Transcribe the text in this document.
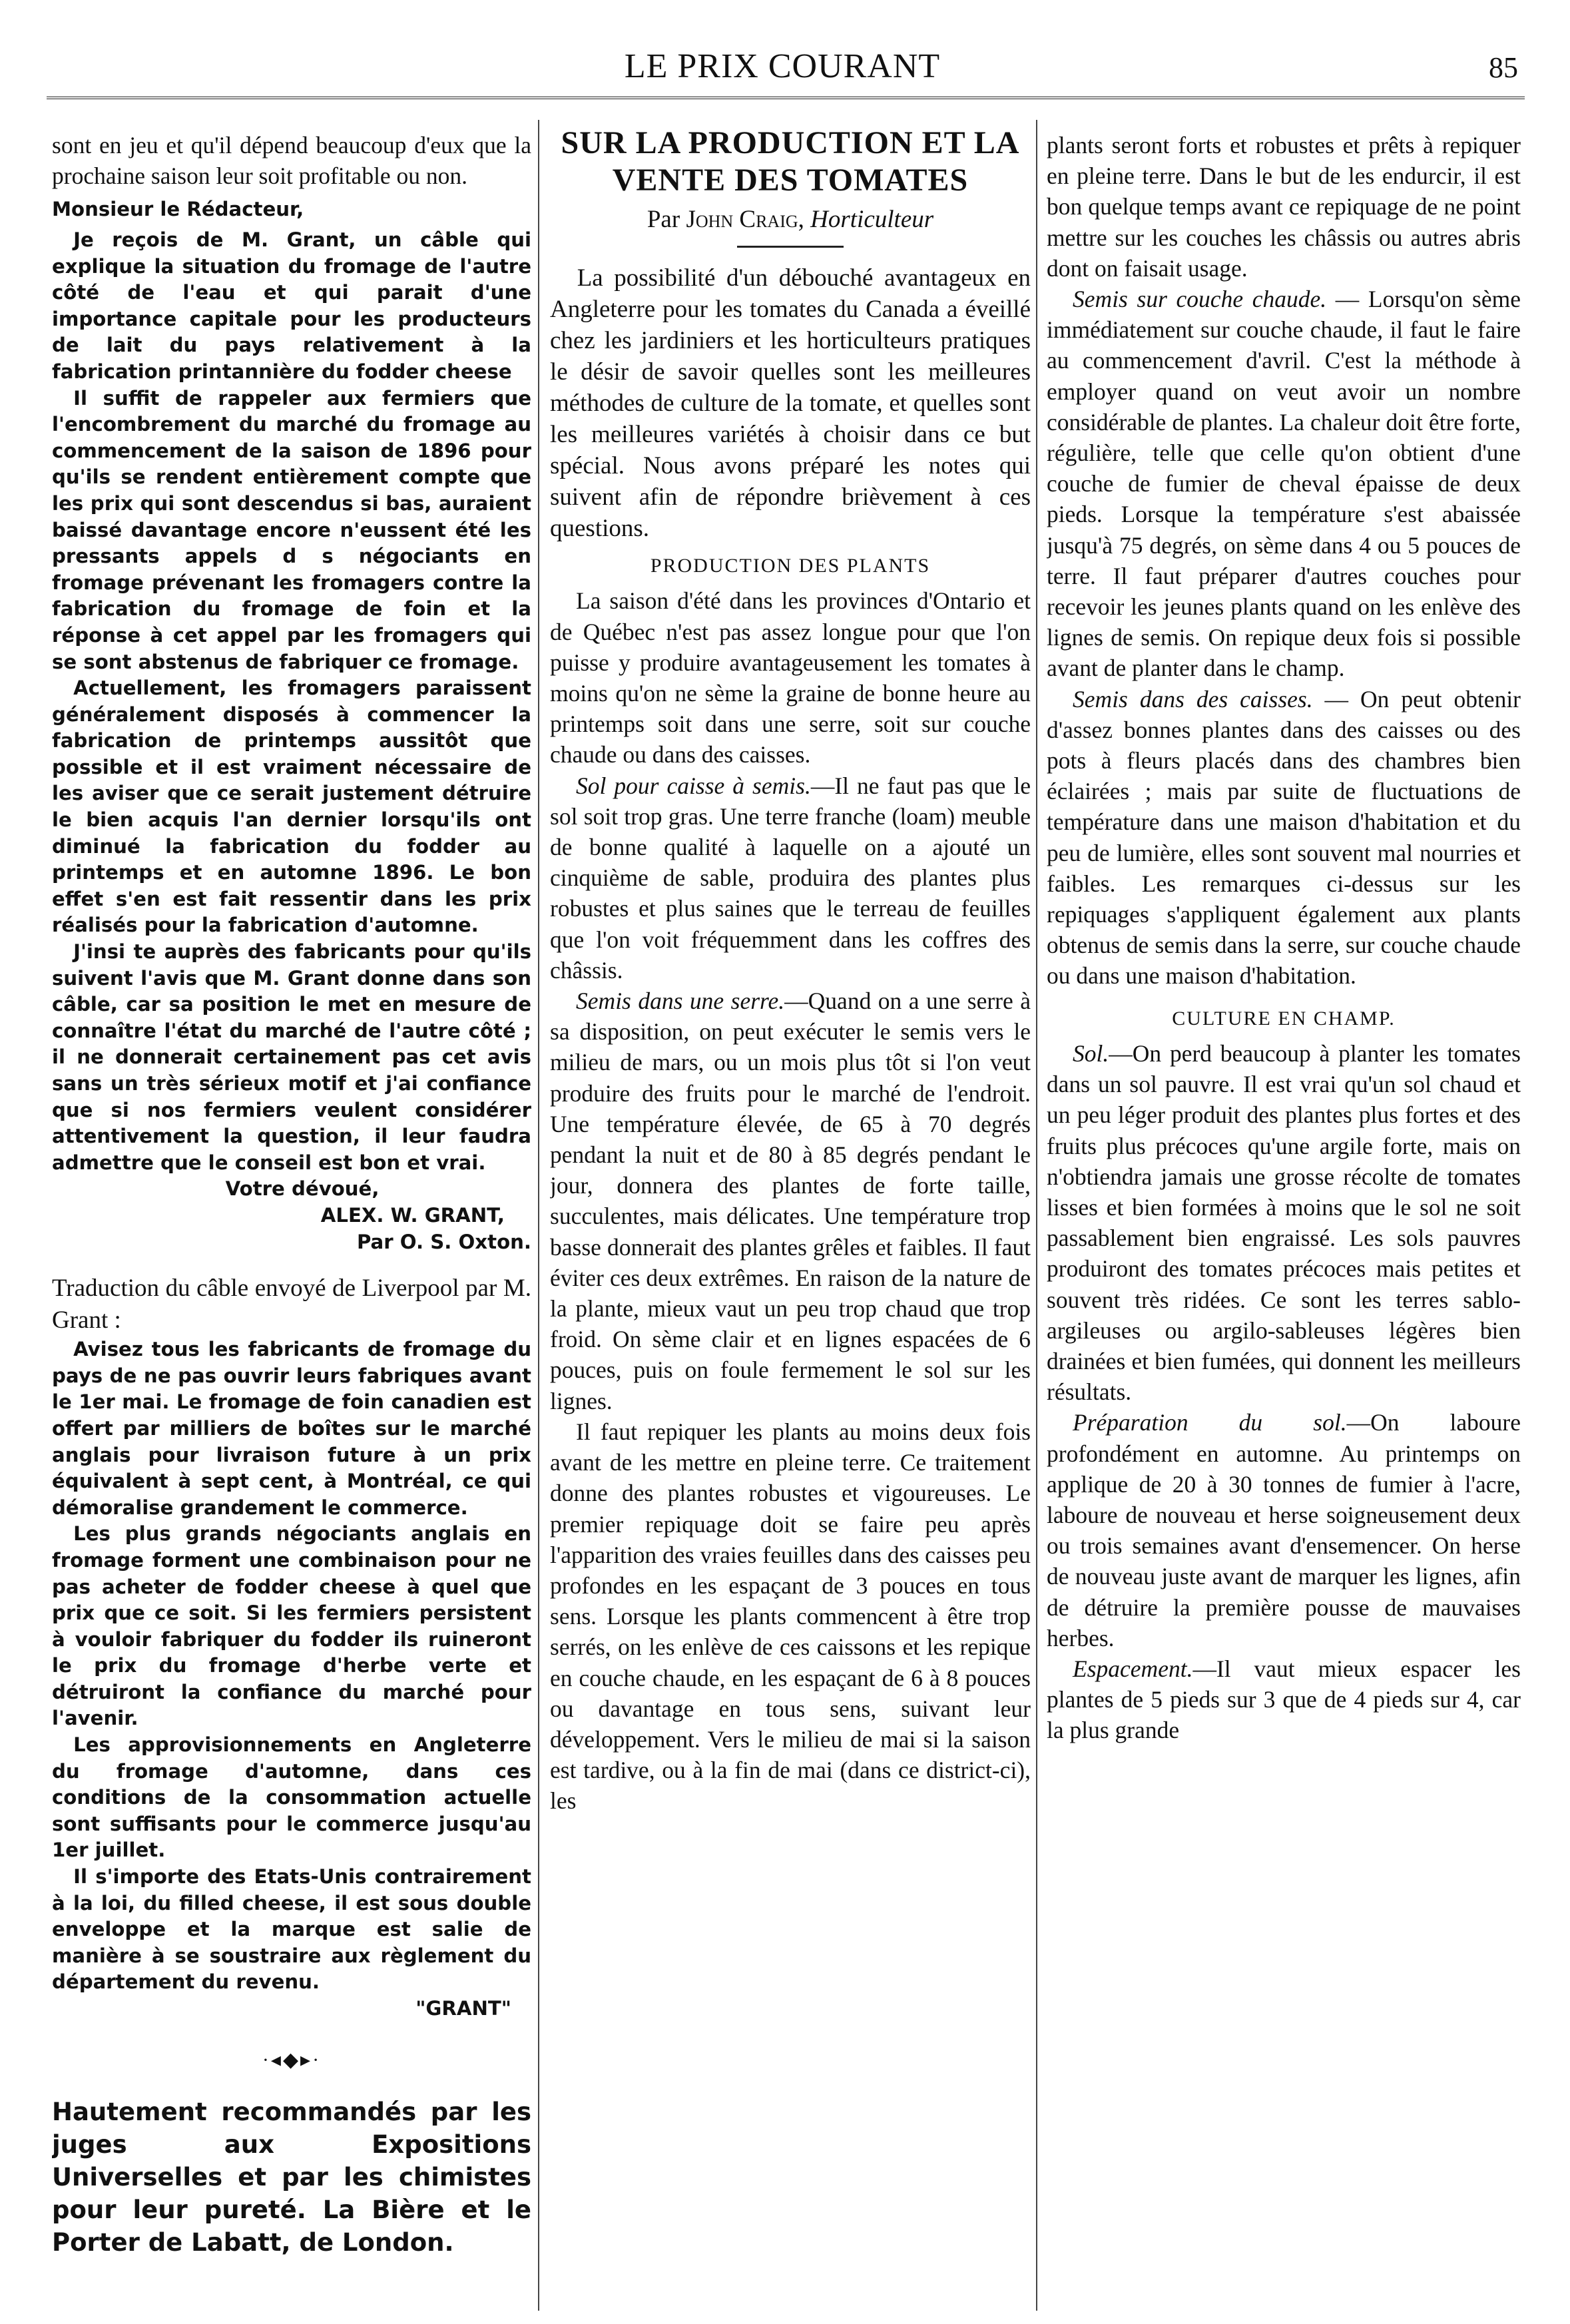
LE PRIX COURANT	85

sont en jeu et qu'il dépend beaucoup d'eux que la prochaine saison leur soit profitable ou non.

Monsieur le Rédacteur,

Je reçois de M. Grant, un câble qui explique la situation du fromage de l'autre côté de l'eau et qui parait d'une importance capitale pour les producteurs de lait du pays relativement à la fabrication printannière du fodder cheese

Il suffit de rappeler aux fermiers que l'encombrement du marché du fromage au commencement de la saison de 1896 pour qu'ils se rendent entièrement compte que les prix qui sont descendus si bas, auraient baissé davantage encore n'eussent été les pressants appels d s négociants en fromage prévenant les fromagers contre la fabrication du fromage de foin et la réponse à cet appel par les fromagers qui se sont abstenus de fabriquer ce fromage.

Actuellement, les fromagers paraissent généralement disposés à commencer la fabrication de printemps aussitôt que possible et il est vraiment nécessaire de les aviser que ce serait justement détruire le bien acquis l'an dernier lorsqu'ils ont diminué la fabrication du fodder au printemps et en automne 1896. Le bon effet s'en est fait ressentir dans les prix réalisés pour la fabrication d'automne.

J'insi te auprès des fabricants pour qu'ils suivent l'avis que M. Grant donne dans son câble, car sa position le met en mesure de connaître l'état du marché de l'autre côté ; il ne donnerait certainement pas cet avis sans un très sérieux motif et j'ai confiance que si nos fermiers veulent considérer attentivement la question, il leur faudra admettre que le conseil est bon et vrai.

Votre dévoué,

ALEX. W. GRANT,

Par O. S. Oxton.

Traduction du câble envoyé de Liverpool par M. Grant :

Avisez tous les fabricants de fromage du pays de ne pas ouvrir leurs fabriques avant le 1er mai. Le fromage de foin canadien est offert par milliers de boîtes sur le marché anglais pour livraison future à un prix équivalent à sept cent, à Montréal, ce qui démoralise grandement le commerce.

Les plus grands négociants anglais en fromage forment une combinaison pour ne pas acheter de fodder cheese à quel que prix que ce soit. Si les fermiers persistent à vouloir fabriquer du fodder ils ruineront le prix du fromage d'herbe verte et détruiront la confiance du marché pour l'avenir.

Les approvisionnements en Angleterre du fromage d'automne, dans ces conditions de la consommation actuelle sont suffisants pour le commerce jusqu'au 1er juillet.

Il s'importe des Etats-Unis contrairement à la loi, du filled cheese, il est sous double enveloppe et la marque est salie de manière à se soustraire aux règlement du département du revenu.

"GRANT"

·◂◆▸·
Hautement recommandés par les juges aux Expositions Universelles et par les chimistes pour leur pureté. La Bière et le Porter de Labatt, de London.
SUR LA PRODUCTION ET LA VENTE DES TOMATES
Par John Craig, Horticulteur

La possibilité d'un débouché avantageux en Angleterre pour les tomates du Canada a éveillé chez les jardiniers et les horticulteurs pratiques le désir de savoir quelles sont les meilleures méthodes de culture de la tomate, et quelles sont les meilleures variétés à choisir dans ce but spécial. Nous avons préparé les notes qui suivent afin de répondre brièvement à ces questions.

PRODUCTION DES PLANTS

La saison d'été dans les provinces d'Ontario et de Québec n'est pas assez longue pour que l'on puisse y produire avantageusement les tomates à moins qu'on ne sème la graine de bonne heure au printemps soit dans une serre, soit sur couche chaude ou dans des caisses.

Sol pour caisse à semis.—Il ne faut pas que le sol soit trop gras. Une terre franche (loam) meuble de bonne qualité à laquelle on a ajouté un cinquième de sable, produira des plantes plus robustes et plus saines que le terreau de feuilles que l'on voit fréquemment dans les coffres des châssis.

Semis dans une serre.—Quand on a une serre à sa disposition, on peut exécuter le semis vers le milieu de mars, ou un mois plus tôt si l'on veut produire des fruits pour le marché de l'endroit. Une température élevée, de 65 à 70 degrés pendant la nuit et de 80 à 85 degrés pendant le jour, donnera des plantes de forte taille, succulentes, mais délicates. Une température trop basse donnerait des plantes grêles et faibles. Il faut éviter ces deux extrêmes. En raison de la nature de la plante, mieux vaut un peu trop chaud que trop froid. On sème clair et en lignes espacées de 6 pouces, puis on foule fermement le sol sur les lignes.

Il faut repiquer les plants au moins deux fois avant de les mettre en pleine terre. Ce traitement donne des plantes robustes et vigoureuses. Le premier repiquage doit se faire peu après l'apparition des vraies feuilles dans des caisses peu profondes en les espaçant de 3 pouces en tous sens. Lorsque les plants commencent à être trop serrés, on les enlève de ces caissons et les repique en couche chaude, en les espaçant de 6 à 8 pouces ou davantage en tous sens, suivant leur développement. Vers le milieu de mai si la saison est tardive, ou à la fin de mai (dans ce district-ci), les

plants seront forts et robustes et prêts à repiquer en pleine terre. Dans le but de les endurcir, il est bon quelque temps avant ce repiquage de ne point mettre sur les couches les châssis ou autres abris dont on faisait usage.

Semis sur couche chaude. — Lorsqu'on sème immédiatement sur couche chaude, il faut le faire au commencement d'avril. C'est la méthode à employer quand on veut avoir un nombre considérable de plantes. La chaleur doit être forte, régulière, telle que celle qu'on obtient d'une couche de fumier de cheval épaisse de deux pieds. Lorsque la température s'est abaissée jusqu'à 75 degrés, on sème dans 4 ou 5 pouces de terre. Il faut préparer d'autres couches pour recevoir les jeunes plants quand on les enlève des lignes de semis. On repique deux fois si possible avant de planter dans le champ.

Semis dans des caisses. — On peut obtenir d'assez bonnes plantes dans des caisses ou des pots à fleurs placés dans des chambres bien éclairées ; mais par suite de fluctuations de température dans une maison d'habitation et du peu de lumière, elles sont souvent mal nourries et faibles. Les remarques ci-dessus sur les repiquages s'appliquent également aux plants obtenus de semis dans la serre, sur couche chaude ou dans une maison d'habitation.

CULTURE EN CHAMP.

Sol.—On perd beaucoup à planter les tomates dans un sol pauvre. Il est vrai qu'un sol chaud et un peu léger produit des plantes plus fortes et des fruits plus précoces qu'une argile forte, mais on n'obtiendra jamais une grosse récolte de tomates lisses et bien formées à moins que le sol ne soit passablement bien engraissé. Les sols pauvres produiront des tomates précoces mais petites et souvent très ridées. Ce sont les terres sablo-argileuses ou argilo-sableuses légères bien drainées et bien fumées, qui donnent les meilleurs résultats.

Préparation du sol.—On laboure profondément en automne. Au printemps on applique de 20 à 30 tonnes de fumier à l'acre, laboure de nouveau et herse soigneusement deux ou trois semaines avant d'ensemencer. On herse de nouveau juste avant de marquer les lignes, afin de détruire la première pousse de mauvaises herbes.

Espacement.—Il vaut mieux espacer les plantes de 5 pieds sur 3 que de 4 pieds sur 4, car la plus grande
